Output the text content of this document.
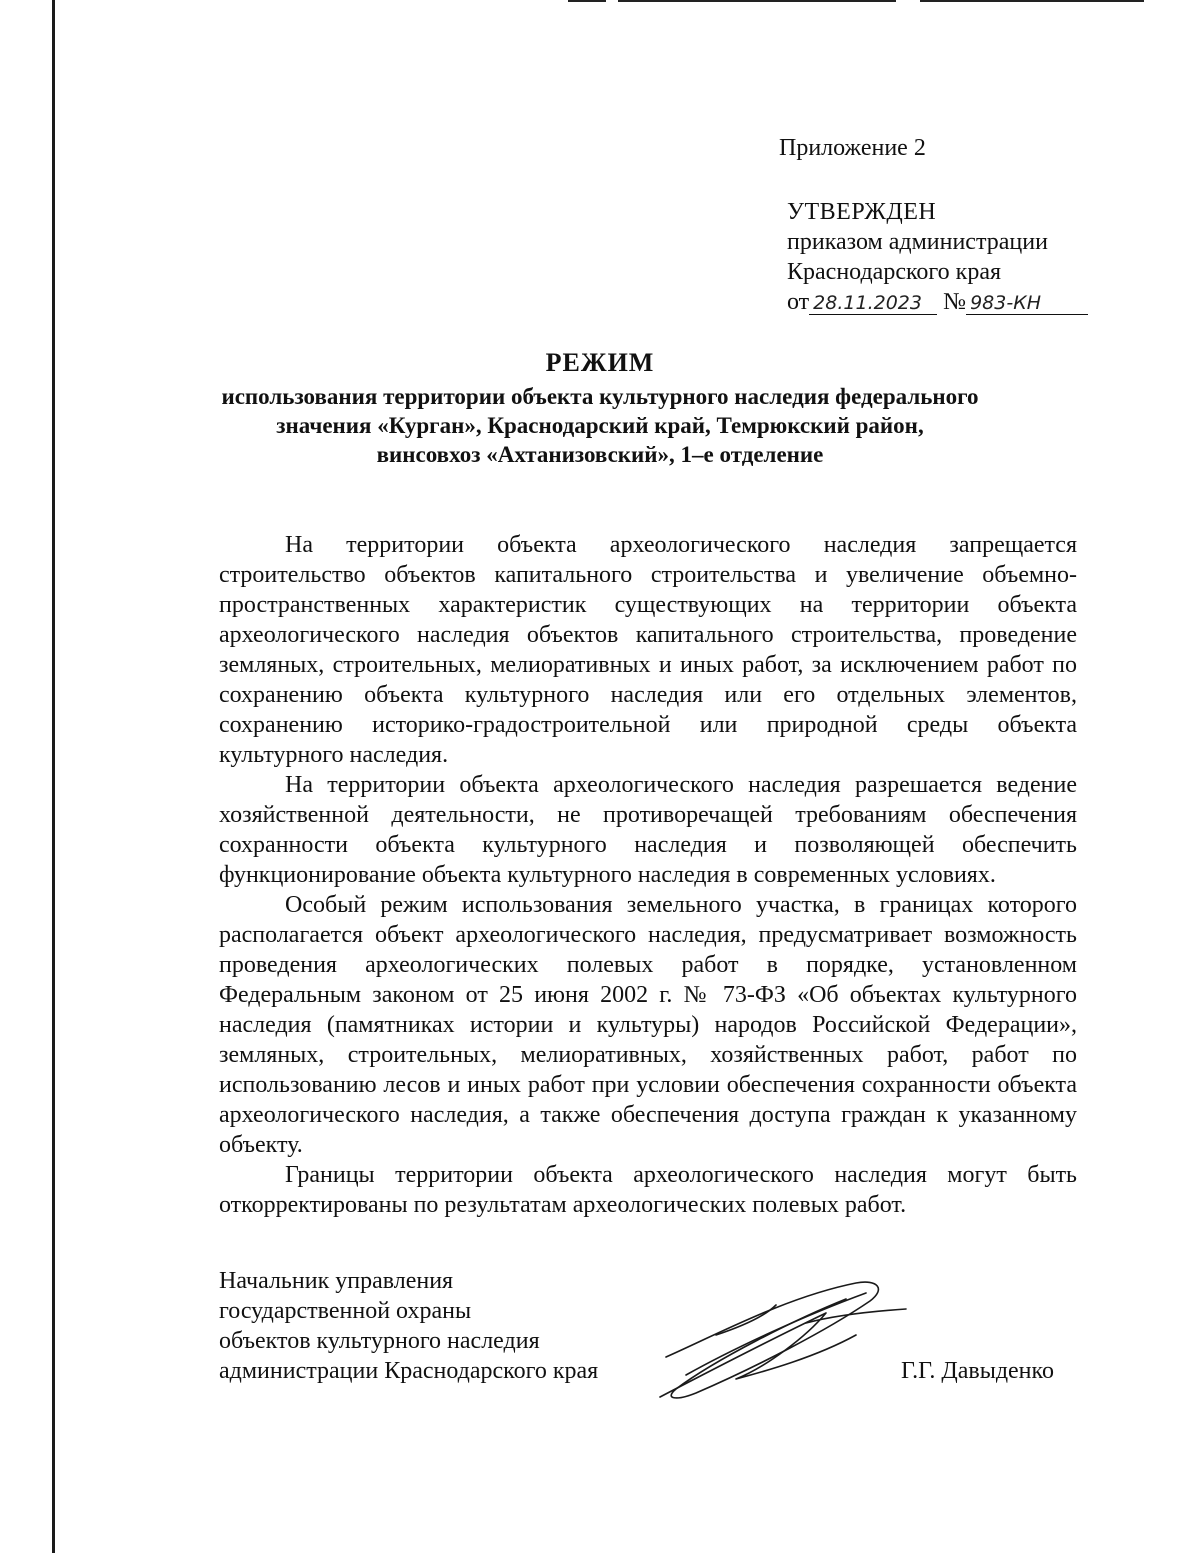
Приложение 2
УТВЕРЖДЕН
приказом администрации
Краснодарского края
от 28.11.2023 № 983-КН
РЕЖИМ
использования территории объекта культурного наследия федерального
значения «Курган», Краснодарский край, Темрюкский район,
винсовхоз «Ахтанизовский», 1–е отделение

На территории объекта археологического наследия запрещается строительство объектов капитального строительства и увеличение объемно-пространственных характеристик существующих на территории объекта археологического наследия объектов капитального строительства, проведение земляных, строительных, мелиоративных и иных работ, за исключением работ по сохранению объекта культурного наследия или его отдельных элементов, сохранению историко-градостроительной или природной среды объекта культурного наследия.

На территории объекта археологического наследия разрешается ведение хозяйственной деятельности, не противоречащей требованиям обеспечения сохранности объекта культурного наследия и позволяющей обеспечить функционирование объекта культурного наследия в современных условиях.

Особый режим использования земельного участка, в границах которого располагается объект археологического наследия, предусматривает возможность проведения археологических полевых работ в порядке, установленном Федеральным законом от 25 июня 2002 г. № 73-ФЗ «Об объектах культурного наследия (памятниках истории и культуры) народов Российской Федерации», земляных, строительных, мелиоративных, хозяйственных работ, работ по использованию лесов и иных работ при условии обеспечения сохранности объекта археологического наследия, а также обеспечения доступа граждан к указанному объекту.

Границы территории объекта археологического наследия могут быть откорректированы по результатам археологических полевых работ.

Начальник управления
государственной охраны
объектов культурного наследия
администрации Краснодарского края	Г.Г. Давыденко
